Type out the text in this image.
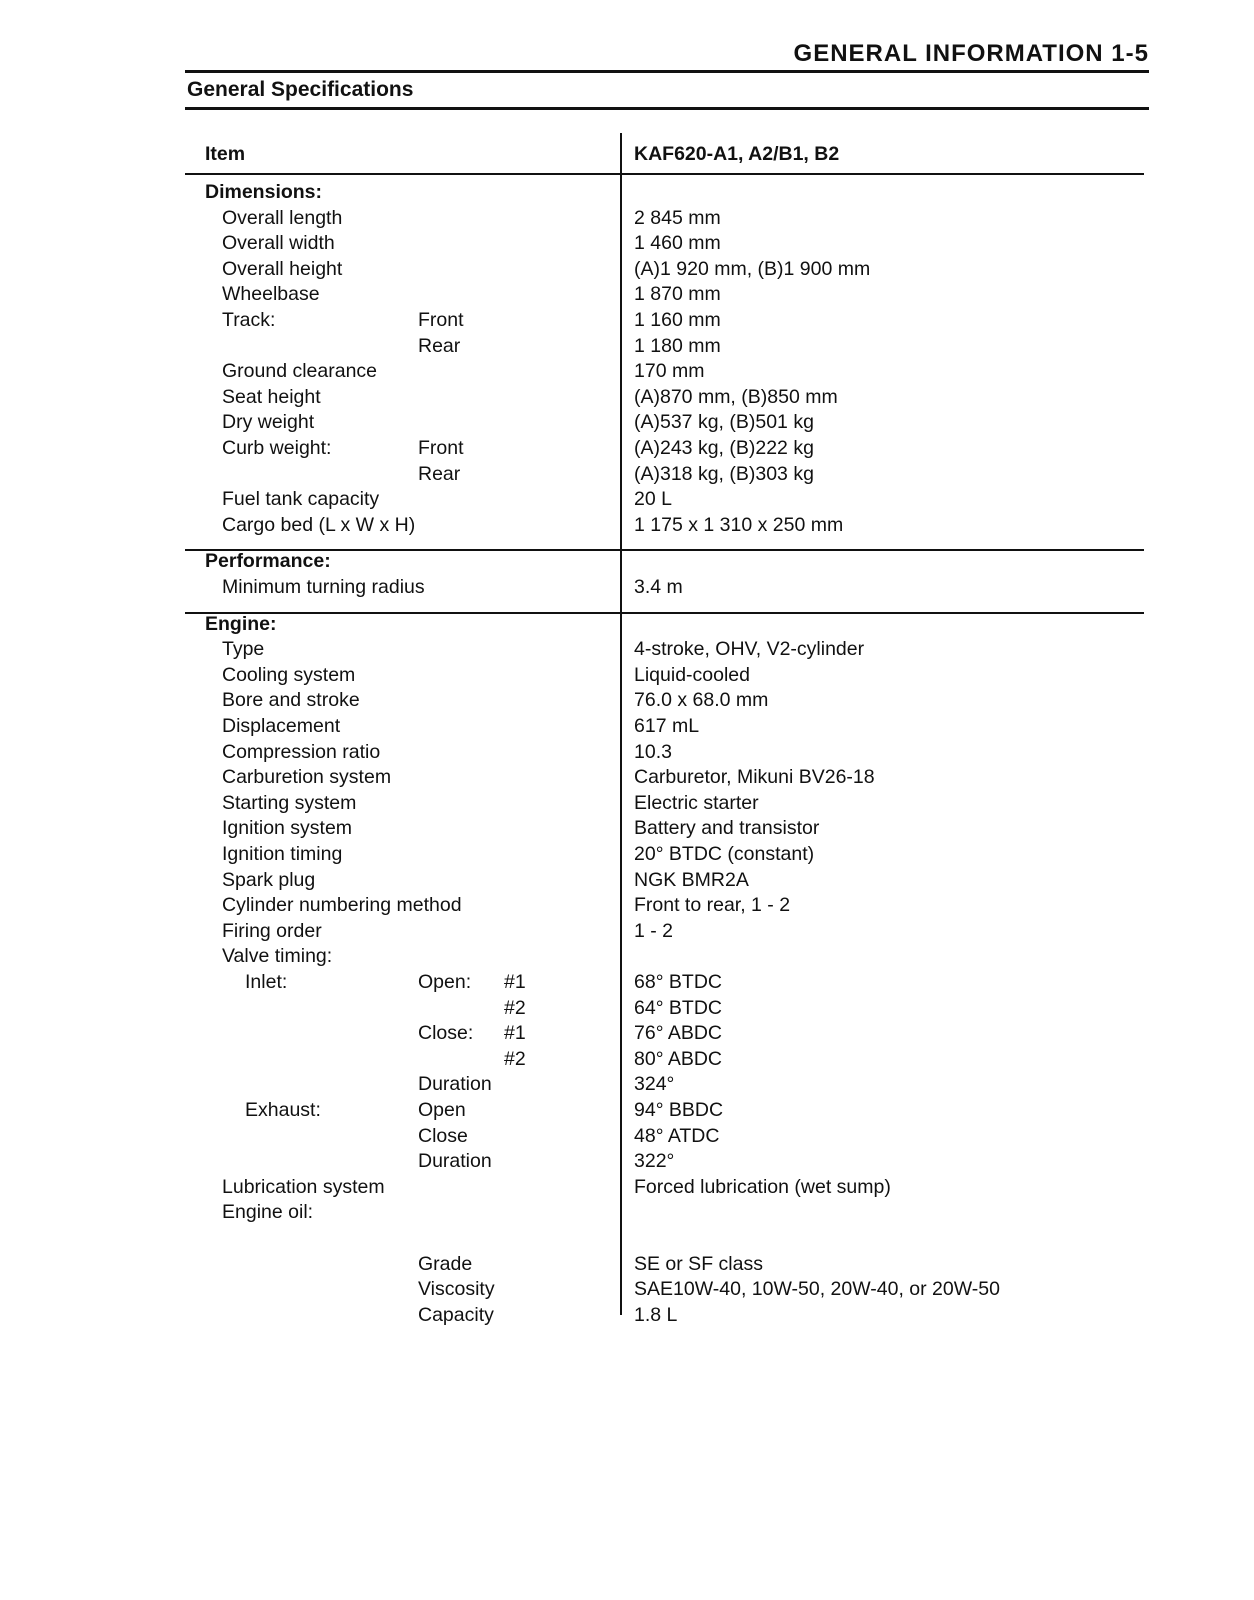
GENERAL INFORMATION 1-5
General Specifications
Item	KAF620-A1, A2/B1, B2
Dimensions:
Overall length	2 845 mm
Overall width	1 460 mm
Overall height	(A)1 920 mm, (B)1 900 mm
Wheelbase	1 870 mm
Track:	Front	1 160 mm
Rear	1 180 mm
Ground clearance	170 mm
Seat height	(A)870 mm, (B)850 mm
Dry weight	(A)537 kg, (B)501 kg
Curb weight:	Front	(A)243 kg, (B)222 kg
Rear	(A)318 kg, (B)303 kg
Fuel tank capacity	20 L
Cargo bed (L x W x H)	1 175 x 1 310 x 250 mm
Performance:
Minimum turning radius	3.4 m
Engine:
Type	4-stroke, OHV, V2-cylinder
Cooling system	Liquid-cooled
Bore and stroke	76.0 x 68.0 mm
Displacement	617 mL
Compression ratio	10.3
Carburetion system	Carburetor, Mikuni BV26-18
Starting system	Electric starter
Ignition system	Battery and transistor
Ignition timing	20° BTDC (constant)
Spark plug	NGK BMR2A
Cylinder numbering method	Front to rear, 1 - 2
Firing order	1 - 2
Valve timing:
Inlet:	Open: #1	68° BTDC
#2	64° BTDC
Close: #1	76° ABDC
#2	80° ABDC
Duration	324°
Exhaust:	Open	94° BBDC
Close	48° ATDC
Duration	322°
Lubrication system	Forced lubrication (wet sump)
Engine oil:
Grade	SE or SF class
Viscosity	SAE10W-40, 10W-50, 20W-40, or 20W-50
Capacity	1.8 L
